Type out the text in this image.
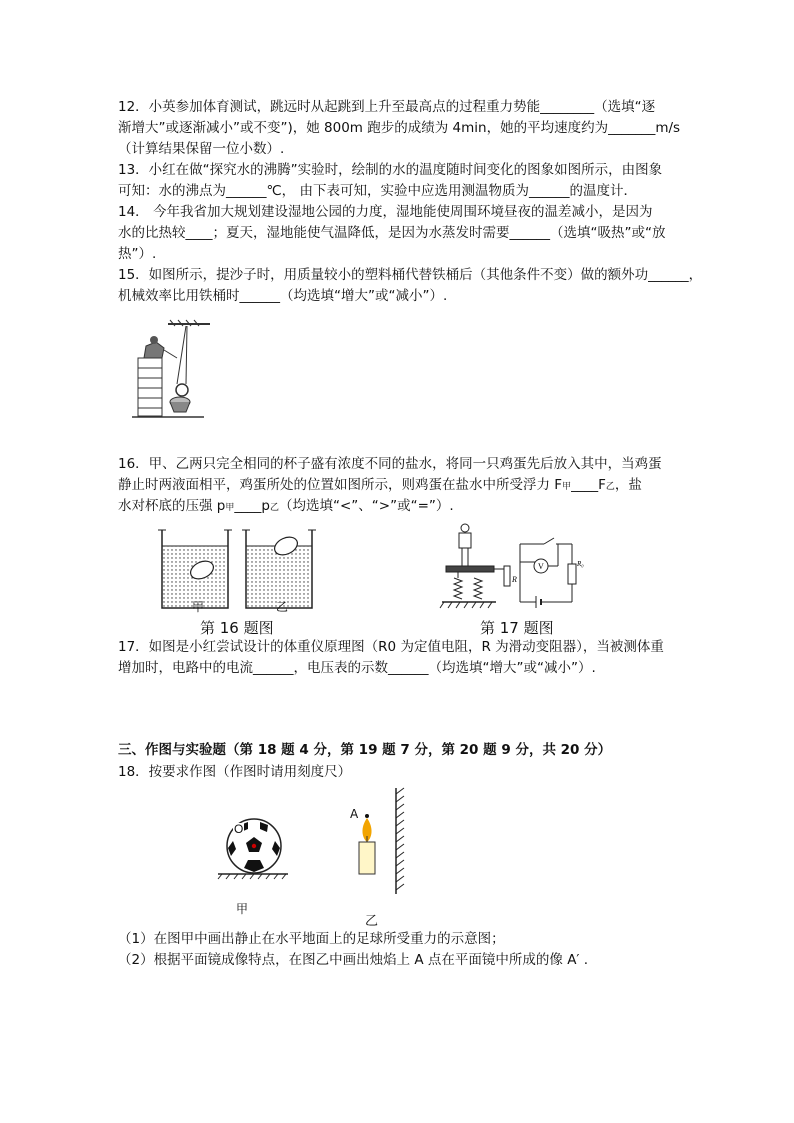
12．小英参加体育测试，跳远时从起跳到上升至最高点的过程重力势能________（选填“逐
渐增大”或逐渐减小”或不变”)，她 800m 跑步的成绩为 4min，她的平均速度约为_______m/s
（计算结果保留一位小数）.
13．小红在做“探究水的沸腾”实验时，绘制的水的温度随时间变化的图象如图所示，由图象
可知：水的沸点为______℃， 由下表可知，实验中应选用测温物质为______的温度计．
14． 今年我省加大规划建设湿地公园的力度，湿地能使周围环境昼夜的温差减小，是因为
水的比热较____；夏天，湿地能使气温降低，是因为水蒸发时需要______（选填“吸热”或“放
热”）.
15．如图所示，提沙子时，用质量较小的塑料桶代替铁桶后（其他条件不变）做的额外功______，
机械效率比用铁桶时______（均选填“增大”或“减小”）.
16．甲、乙两只完全相同的杯子盛有浓度不同的盐水，将同一只鸡蛋先后放入其中，当鸡蛋
静止时两液面相平，鸡蛋所处的位置如图所示，则鸡蛋在盐水中所受浮力 F甲____F乙，盐
水对杯底的压强 p甲____p乙（均选填“<”、“>”或“=”）.
甲	乙
第 16 题图
V
R
R₀
第 17 题图
17．如图是小红尝试设计的体重仪原理图（R0 为定值电阻，R 为滑动变阻器），当被测体重
增加时，电路中的电流______，电压表的示数______（均选填“增大”或“减小”）.
三、作图与实验题（第 18 题 4 分，第 19 题 7 分，第 20 题 9 分，共 20 分）
18．按要求作图（作图时请用刻度尺）
O
甲
A
乙
（1）在图甲中画出静止在水平地面上的足球所受重力的示意图；
（2）根据平面镜成像特点，在图乙中画出烛焰上 A 点在平面镜中所成的像 A′ .
